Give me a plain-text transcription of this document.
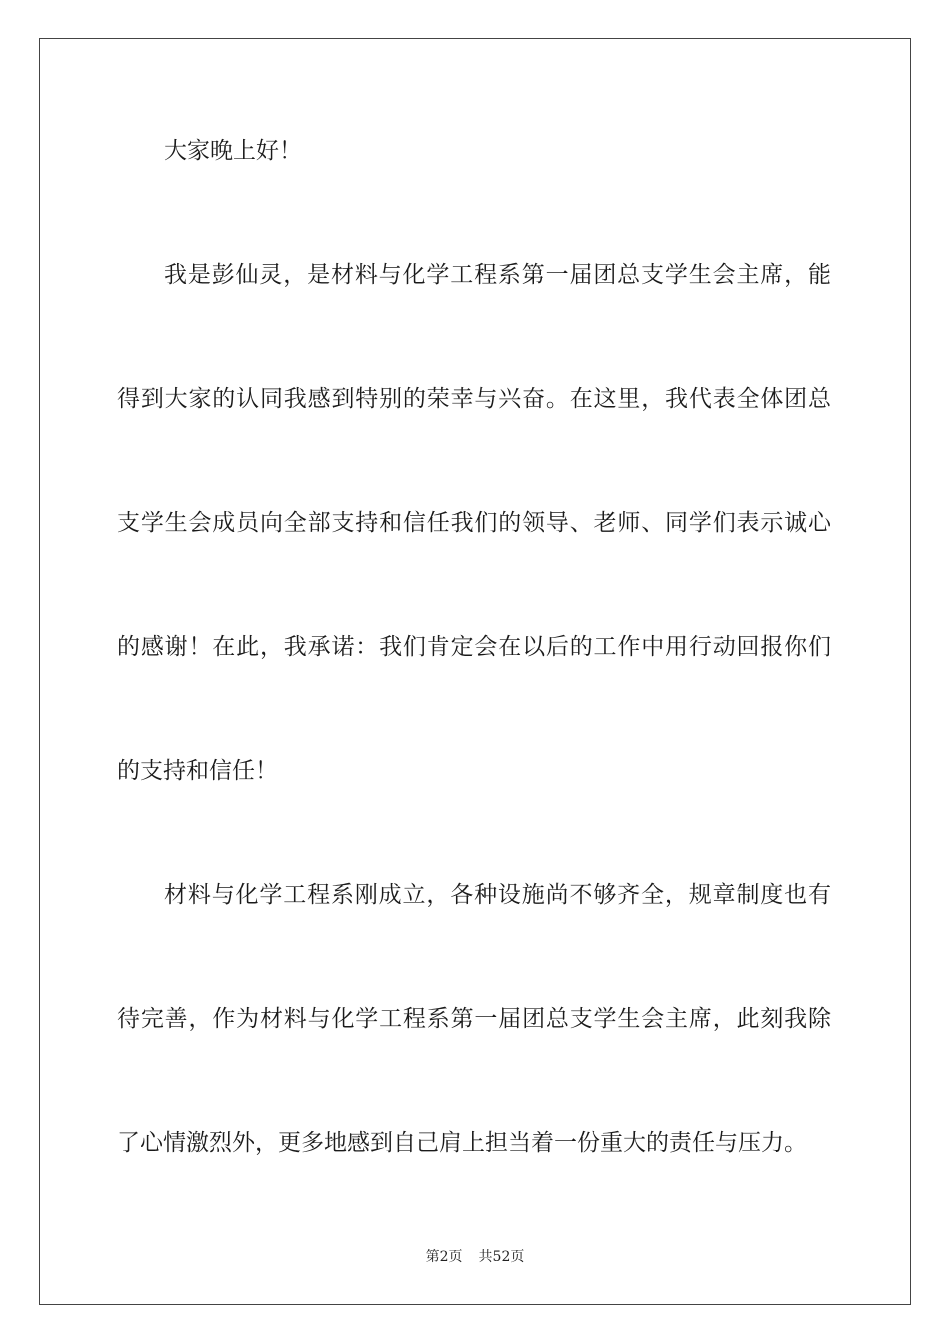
大家晚上好！
我是彭仙灵，是材料与化学工程系第一届团总支学生会主席，能
得到大家的认同我感到特别的荣幸与兴奋。在这里，我代表全体团总
支学生会成员向全部支持和信任我们的领导、老师、同学们表示诚心
的感谢！在此，我承诺：我们肯定会在以后的工作中用行动回报你们
的支持和信任！
材料与化学工程系刚成立，各种设施尚不够齐全，规章制度也有
待完善，作为材料与化学工程系第一届团总支学生会主席，此刻我除
了心情激烈外，更多地感到自己肩上担当着一份重大的责任与压力。
第2页 共52页
